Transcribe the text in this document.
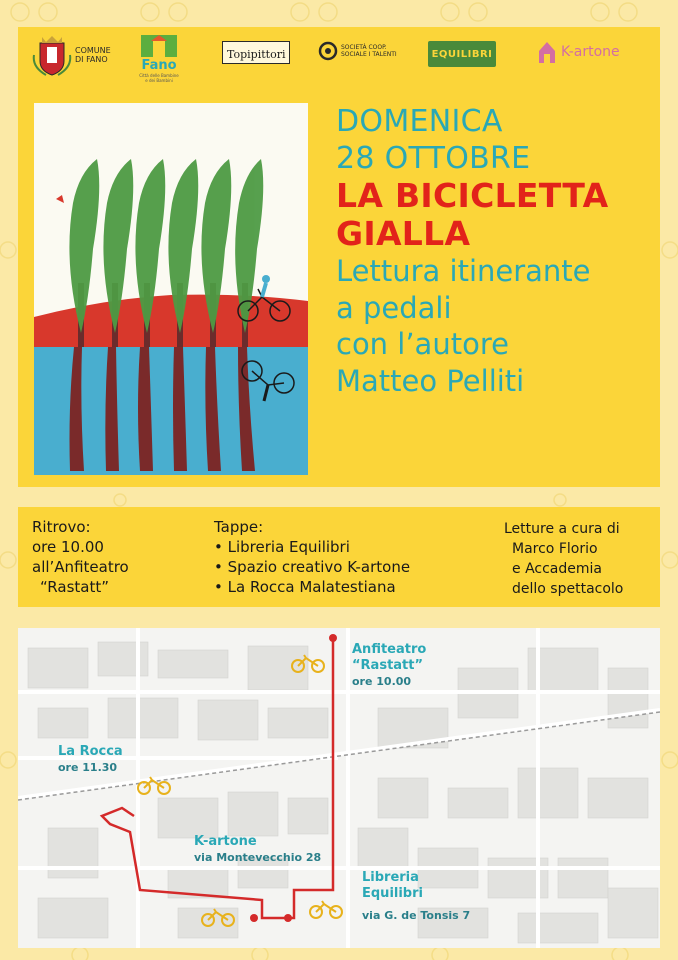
COMUNE DI FANO	Fano
Città delle Bambine e dei Bambini
Topipittori
SOCIETÀ COOP. SOCIALE I TALENTI	EQUILIBRI	K-artone
DOMENICA
28 OTTOBRE
LA BICICLETTA
GIALLA
Lettura itinerante
a pedali
con l’autore
Matteo Pelliti
Ritrovo:
ore 10.00
all’Anfiteatro
“Rastatt”
Tappe:
• Libreria Equilibri
• Spazio creativo K-artone
• La Rocca Malatestiana
Letture a cura di
Marco Florio
e Accademia
dello spettacolo
Anfiteatro
“Rastatt”
ore 10.00
La Rocca
ore 11.30
K-artone
via Montevecchio 28
Libreria
Equilibri
via G. de Tonsis 7
